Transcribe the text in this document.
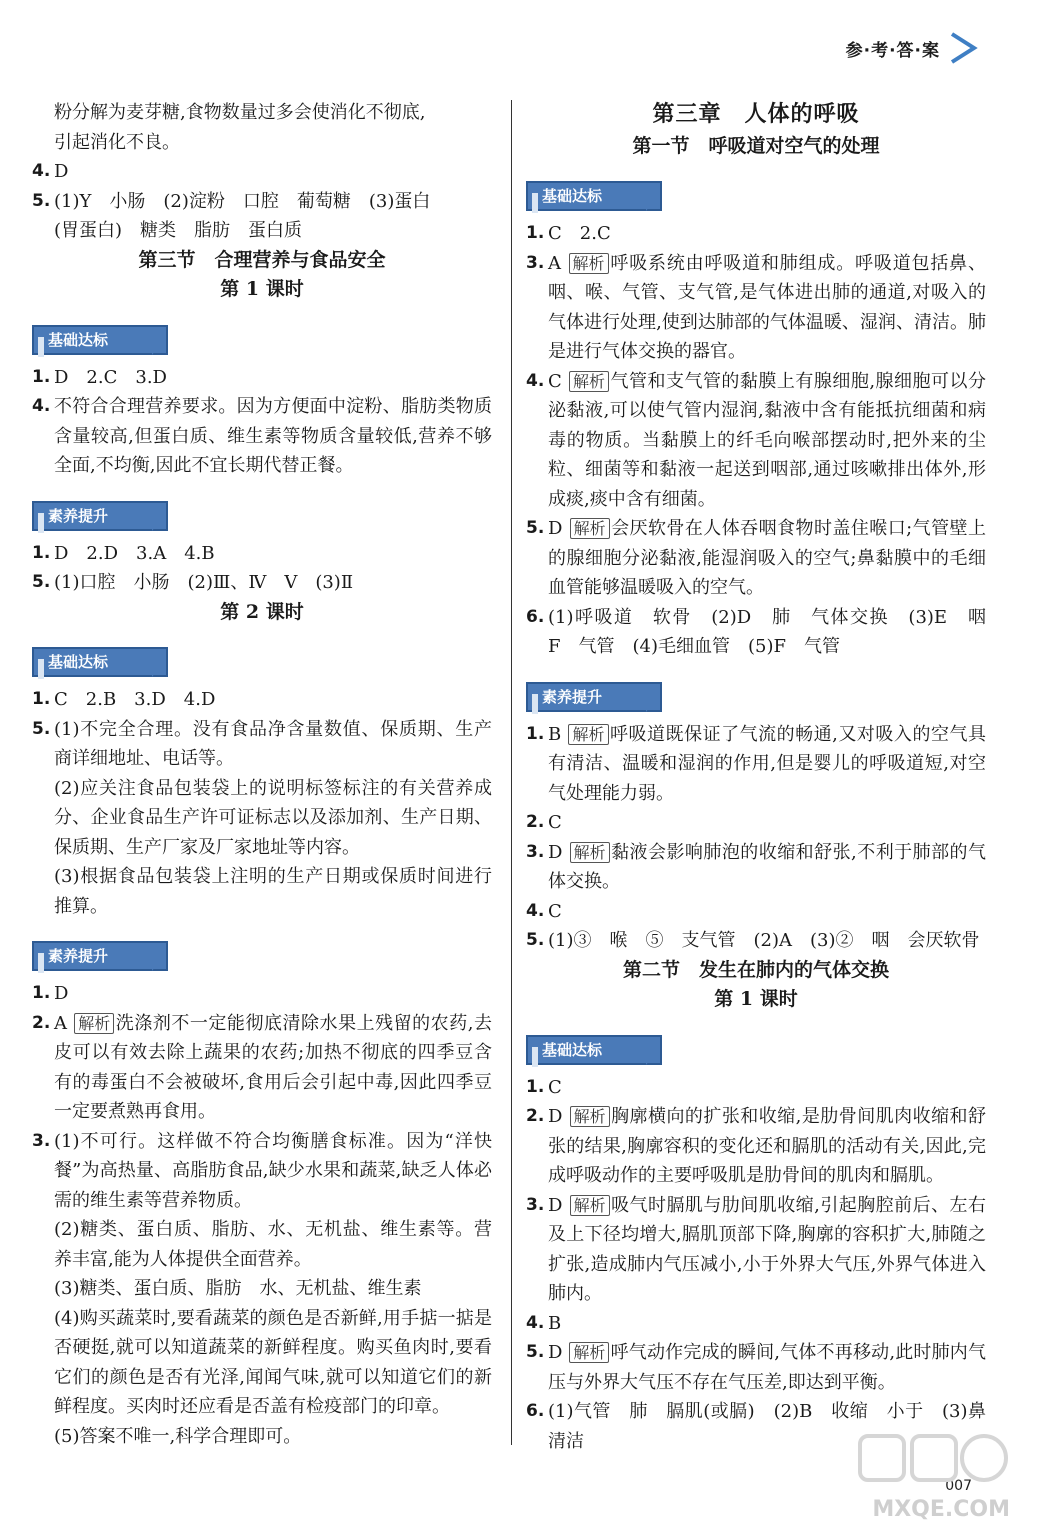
参·考·答·案

粉分解为麦芽糖,食物数量过多会使消化不彻底,

引起消化不良。

4. D

5. (1)Y　小肠　(2)淀粉　口腔　葡萄糖　(3)蛋白
(胃蛋白)　糖类　脂肪　蛋白质

第三节　合理营养与食品安全

第 1 课时

基础达标

1. D　2.C　3.D

4. 不符合合理营养要求。因为方便面中淀粉、脂肪类物质含量较高,但蛋白质、维生素等物质含量较低,营养不够全面,不均衡,因此不宜长期代替正餐。

素养提升

1. D　2.D　3.A　4.B

5. (1)口腔　小肠　(2)Ⅲ、Ⅳ　Ⅴ　(3)Ⅱ

第 2 课时

基础达标

1. C　2.B　3.D　4.D

5. (1)不完全合理。没有食品净含量数值、保质期、生产商详细地址、电话等。

(2)应关注食品包装袋上的说明标签标注的有关营养成分、企业食品生产许可证标志以及添加剂、生产日期、保质期、生产厂家及厂家地址等内容。

(3)根据食品包装袋上注明的生产日期或保质时间进行推算。

素养提升

1. D

2. A 解析 洗涤剂不一定能彻底清除水果上残留的农药,去皮可以有效去除上蔬果的农药;加热不彻底的四季豆含有的毒蛋白不会被破坏,食用后会引起中毒,因此四季豆一定要煮熟再食用。

3. (1)不可行。这样做不符合均衡膳食标准。因为“洋快餐”为高热量、高脂肪食品,缺少水果和蔬菜,缺乏人体必需的维生素等营养物质。

(2)糖类、蛋白质、脂肪、水、无机盐、维生素等。营养丰富,能为人体提供全面营养。

(3)糖类、蛋白质、脂肪　水、无机盐、维生素

(4)购买蔬菜时,要看蔬菜的颜色是否新鲜,用手掂一掂是否硬挺,就可以知道蔬菜的新鲜程度。购买鱼肉时,要看它们的颜色是否有光泽,闻闻气味,就可以知道它们的新鲜程度。买肉时还应看是否盖有检疫部门的印章。

(5)答案不唯一,科学合理即可。

第三章　人体的呼吸

第一节　呼吸道对空气的处理

基础达标

1. C　2.C

3. A 解析 呼吸系统由呼吸道和肺组成。呼吸道包括鼻、咽、喉、气管、支气管,是气体进出肺的通道,对吸入的气体进行处理,使到达肺部的气体温暖、湿润、清洁。肺是进行气体交换的器官。

4. C 解析 气管和支气管的黏膜上有腺细胞,腺细胞可以分泌黏液,可以使气管内湿润,黏液中含有能抵抗细菌和病毒的物质。当黏膜上的纤毛向喉部摆动时,把外来的尘粒、细菌等和黏液一起送到咽部,通过咳嗽排出体外,形成痰,痰中含有细菌。

5. D 解析 会厌软骨在人体吞咽食物时盖住喉口;气管壁上的腺细胞分泌黏液,能湿润吸入的空气;鼻黏膜中的毛细血管能够温暖吸入的空气。

6. (1)呼吸道　软骨　(2)D　肺　气体交换　(3)E　咽　F　气管　(4)毛细血管　(5)F　气管

素养提升

1. B 解析 呼吸道既保证了气流的畅通,又对吸入的空气具有清洁、温暖和湿润的作用,但是婴儿的呼吸道短,对空气处理能力弱。

2. C

3. D 解析 黏液会影响肺泡的收缩和舒张,不利于肺部的气体交换。

4. C

5. (1)③　喉　⑤　支气管　(2)A　(3)②　咽　会厌软骨

第二节　发生在肺内的气体交换

第 1 课时

基础达标

1. C

2. D 解析 胸廓横向的扩张和收缩,是肋骨间肌肉收缩和舒张的结果,胸廓容积的变化还和膈肌的活动有关,因此,完成呼吸动作的主要呼吸肌是肋骨间的肌肉和膈肌。

3. D 解析 吸气时膈肌与肋间肌收缩,引起胸腔前后、左右及上下径均增大,膈肌顶部下降,胸廓的容积扩大,肺随之扩张,造成肺内气压减小,小于外界大气压,外界气体进入肺内。

4. B

5. D 解析 呼气动作完成的瞬间,气体不再移动,此时肺内气压与外界大气压不存在气压差,即达到平衡。

6. (1)气管　肺　膈肌(或膈)　(2)B　收缩　小于　(3)鼻　清洁

007
MXQE.COM
